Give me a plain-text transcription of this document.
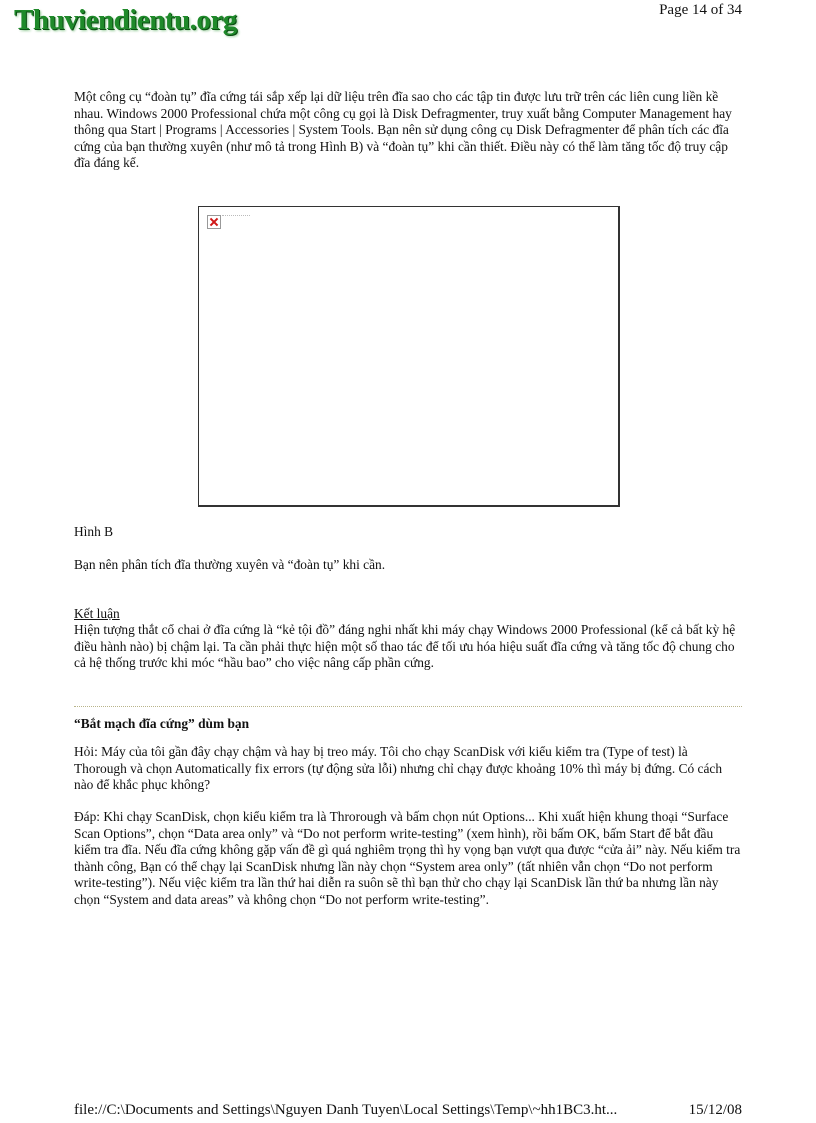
Thuviendientu.org	Page 14 of 34

Một công cụ “đoàn tụ” đĩa cứng tái sắp xếp lại dữ liệu trên đĩa sao cho các tập tin được lưu trữ trên các liên cung liền kề nhau. Windows 2000 Professional chứa một công cụ gọi là Disk Defragmenter, truy xuất bằng Computer Management hay thông qua Start | Programs | Accessories | System Tools. Bạn nên sử dụng công cụ Disk Defragmenter để phân tích các đĩa cứng của bạn thường xuyên (như mô tả trong Hình B) và “đoàn tụ” khi cần thiết. Điều này có thể làm tăng tốc độ truy cập đĩa đáng kể.

Hình B

Bạn nên phân tích đĩa thường xuyên và “đoàn tụ” khi cần.

Kết luận

Hiện tượng thắt cổ chai ở đĩa cứng là “kẻ tội đồ” đáng nghi nhất khi máy chạy Windows 2000 Professional (kể cả bất kỳ hệ điều hành nào) bị chậm lại. Ta cần phải thực hiện một số thao tác để tối ưu hóa hiệu suất đĩa cứng và tăng tốc độ chung cho cả hệ thống trước khi móc “hầu bao” cho việc nâng cấp phần cứng.

“Bắt mạch đĩa cứng” dùm bạn

Hỏi: Máy của tôi gần đây chạy chậm và hay bị treo máy. Tôi cho chạy ScanDisk với kiểu kiểm tra (Type of test) là Thorough và chọn Automatically fix errors (tự động sửa lỗi) nhưng chỉ chạy được khoảng 10% thì máy bị đứng. Có cách nào để khắc phục không?

Đáp: Khi chạy ScanDisk, chọn kiểu kiểm tra là Throrough và bấm chọn nút Options... Khi xuất hiện khung thoại “Surface Scan Options”, chọn “Data area only” và “Do not perform write-testing” (xem hình), rồi bấm OK, bấm Start để bắt đầu kiểm tra đĩa. Nếu đĩa cứng không gặp vấn đề gì quá nghiêm trọng thì hy vọng bạn vượt qua được “cửa ải” này. Nếu kiểm tra thành công, Bạn có thể chạy lại ScanDisk nhưng lần này chọn “System area only” (tất nhiên vẫn chọn “Do not perform write-testing”). Nếu việc kiểm tra lần thứ hai diễn ra suôn sẽ thì bạn thử cho chạy lại ScanDisk lần thứ ba nhưng lần này chọn “System and data areas” và không chọn “Do not perform write-testing”.

file://C:\Documents and Settings\Nguyen Danh Tuyen\Local Settings\Temp\~hh1BC3.ht...	15/12/08
